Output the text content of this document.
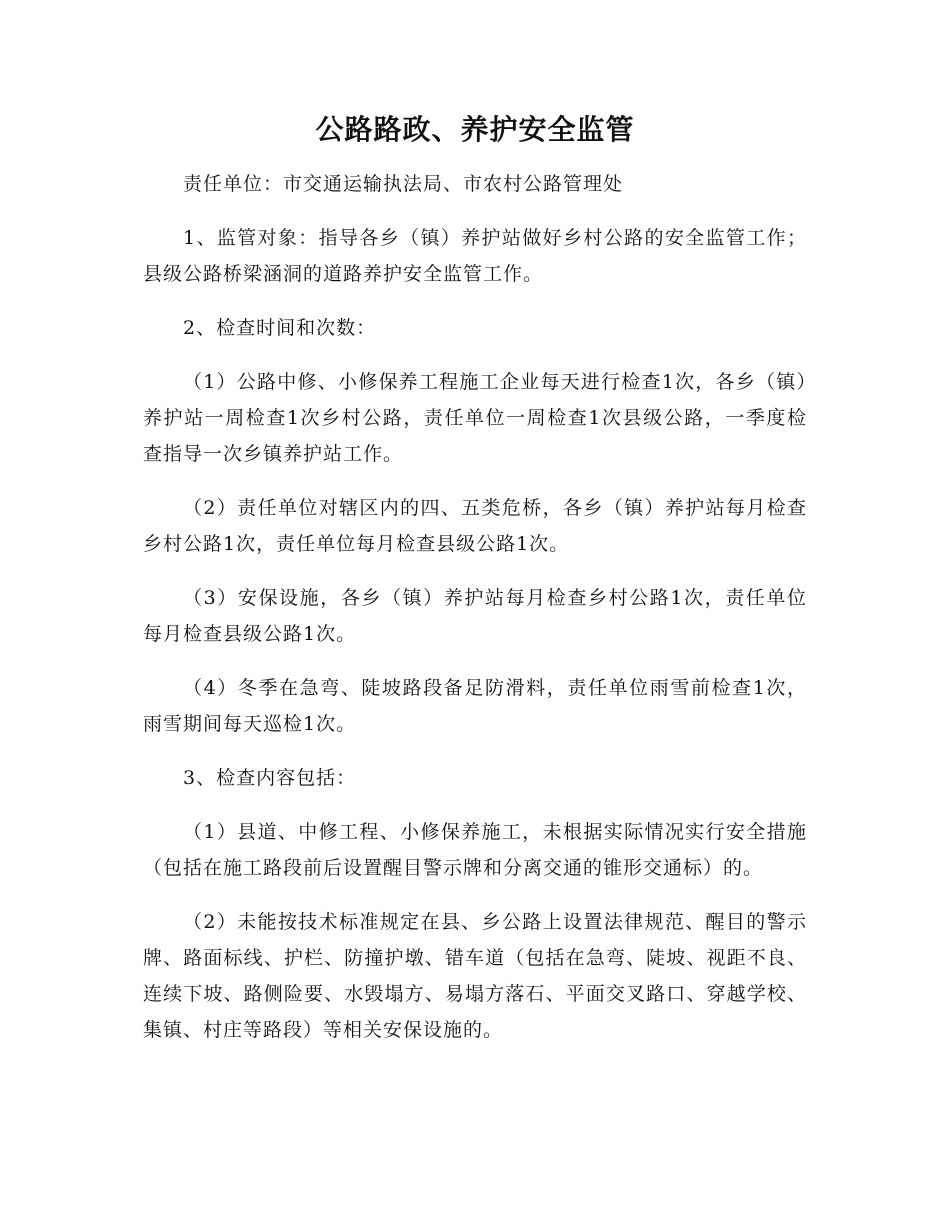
公路路政、养护安全监管

责任单位：市交通运输执法局、市农村公路管理处

1、监管对象：指导各乡（镇）养护站做好乡村公路的安全监管工作；县级公路桥梁涵洞的道路养护安全监管工作。

2、检查时间和次数：

（1）公路中修、小修保养工程施工企业每天进行检查1次，各乡（镇）养护站一周检查1次乡村公路，责任单位一周检查1次县级公路，一季度检查指导一次乡镇养护站工作。

（2）责任单位对辖区内的四、五类危桥，各乡（镇）养护站每月检查乡村公路1次，责任单位每月检查县级公路1次。

（3）安保设施，各乡（镇）养护站每月检查乡村公路1次，责任单位每月检查县级公路1次。

（4）冬季在急弯、陡坡路段备足防滑料，责任单位雨雪前检查1次，雨雪期间每天巡检1次。

3、检查内容包括：

（1）县道、中修工程、小修保养施工，未根据实际情况实行安全措施（包括在施工路段前后设置醒目警示牌和分离交通的锥形交通标）的。

（2）未能按技术标准规定在县、乡公路上设置法律规范、醒目的警示牌、路面标线、护栏、防撞护墩、错车道（包括在急弯、陡坡、视距不良、连续下坡、路侧险要、水毁塌方、易塌方落石、平面交叉路口、穿越学校、集镇、村庄等路段）等相关安保设施的。
